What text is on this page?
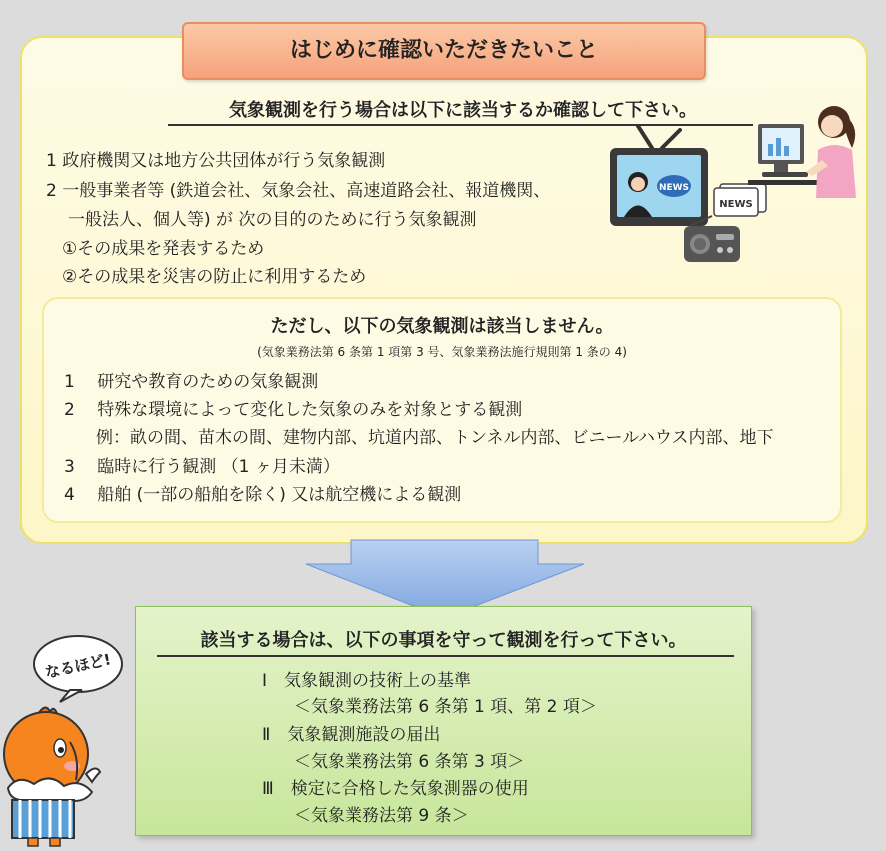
はじめに確認いただきたいこと
気象観測を行う場合は以下に該当するか確認して下さい。
1 政府機関又は地方公共団体が行う気象観測
2 一般事業者等 (鉄道会社、気象会社、高速道路会社、報道機関、
一般法人、個人等) が 次の目的のために行う気象観測
①その成果を発表するため
②その成果を災害の防止に利用するため
NEWS
NEWS
ただし、以下の気象観測は該当しません。
(気象業務法第 6 条第 1 項第 3 号、気象業務法施行規則第 1 条の 4)
1　 研究や教育のための気象観測
2　 特殊な環境によって変化した気象のみを対象とする観測
例：畝の間、苗木の間、建物内部、坑道内部、トンネル内部、ビニールハウス内部、地下
3　 臨時に行う観測 （1 ヶ月未満）
4　 船舶 (一部の船舶を除く) 又は航空機による観測
該当する場合は、以下の事項を守って観測を行って下さい。
Ⅰ　気象観測の技術上の基準
＜気象業務法第 6 条第 1 項、第 2 項＞
Ⅱ　気象観測施設の届出
＜気象業務法第 6 条第 3 項＞
Ⅲ　検定に合格した気象測器の使用
＜気象業務法第 9 条＞
なるほど!
